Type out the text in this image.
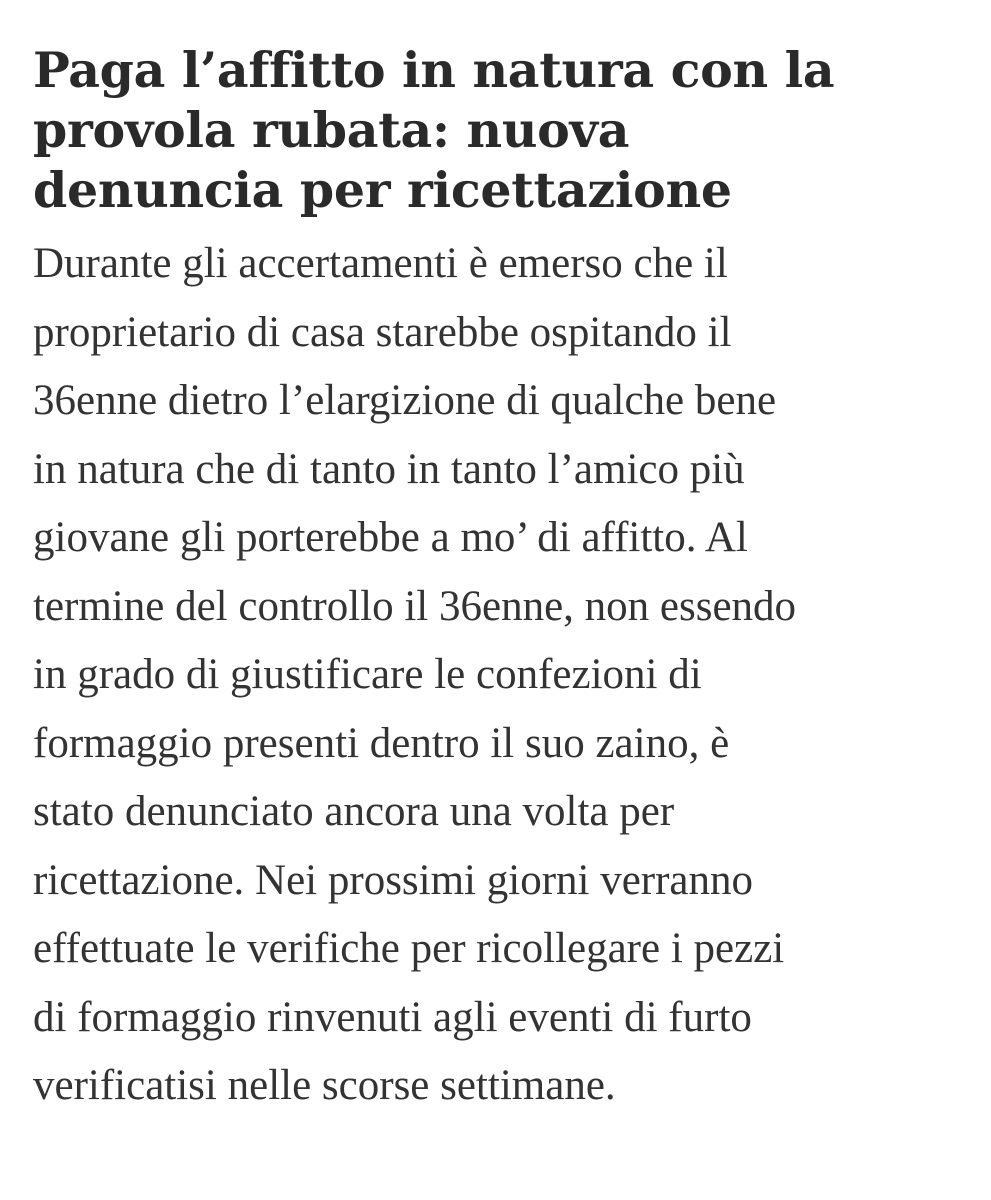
Paga l’affitto in natura con la
provola rubata: nuova
denuncia per ricettazione

Durante gli accertamenti è emerso che il
proprietario di casa starebbe ospitando il
36enne dietro l’elargizione di qualche bene
in natura che di tanto in tanto l’amico più
giovane gli porterebbe a mo’ di affitto. Al
termine del controllo il 36enne, non essendo
in grado di giustificare le confezioni di
formaggio presenti dentro il suo zaino, è
stato denunciato ancora una volta per
ricettazione. Nei prossimi giorni verranno
effettuate le verifiche per ricollegare i pezzi
di formaggio rinvenuti agli eventi di furto
verificatisi nelle scorse settimane.
